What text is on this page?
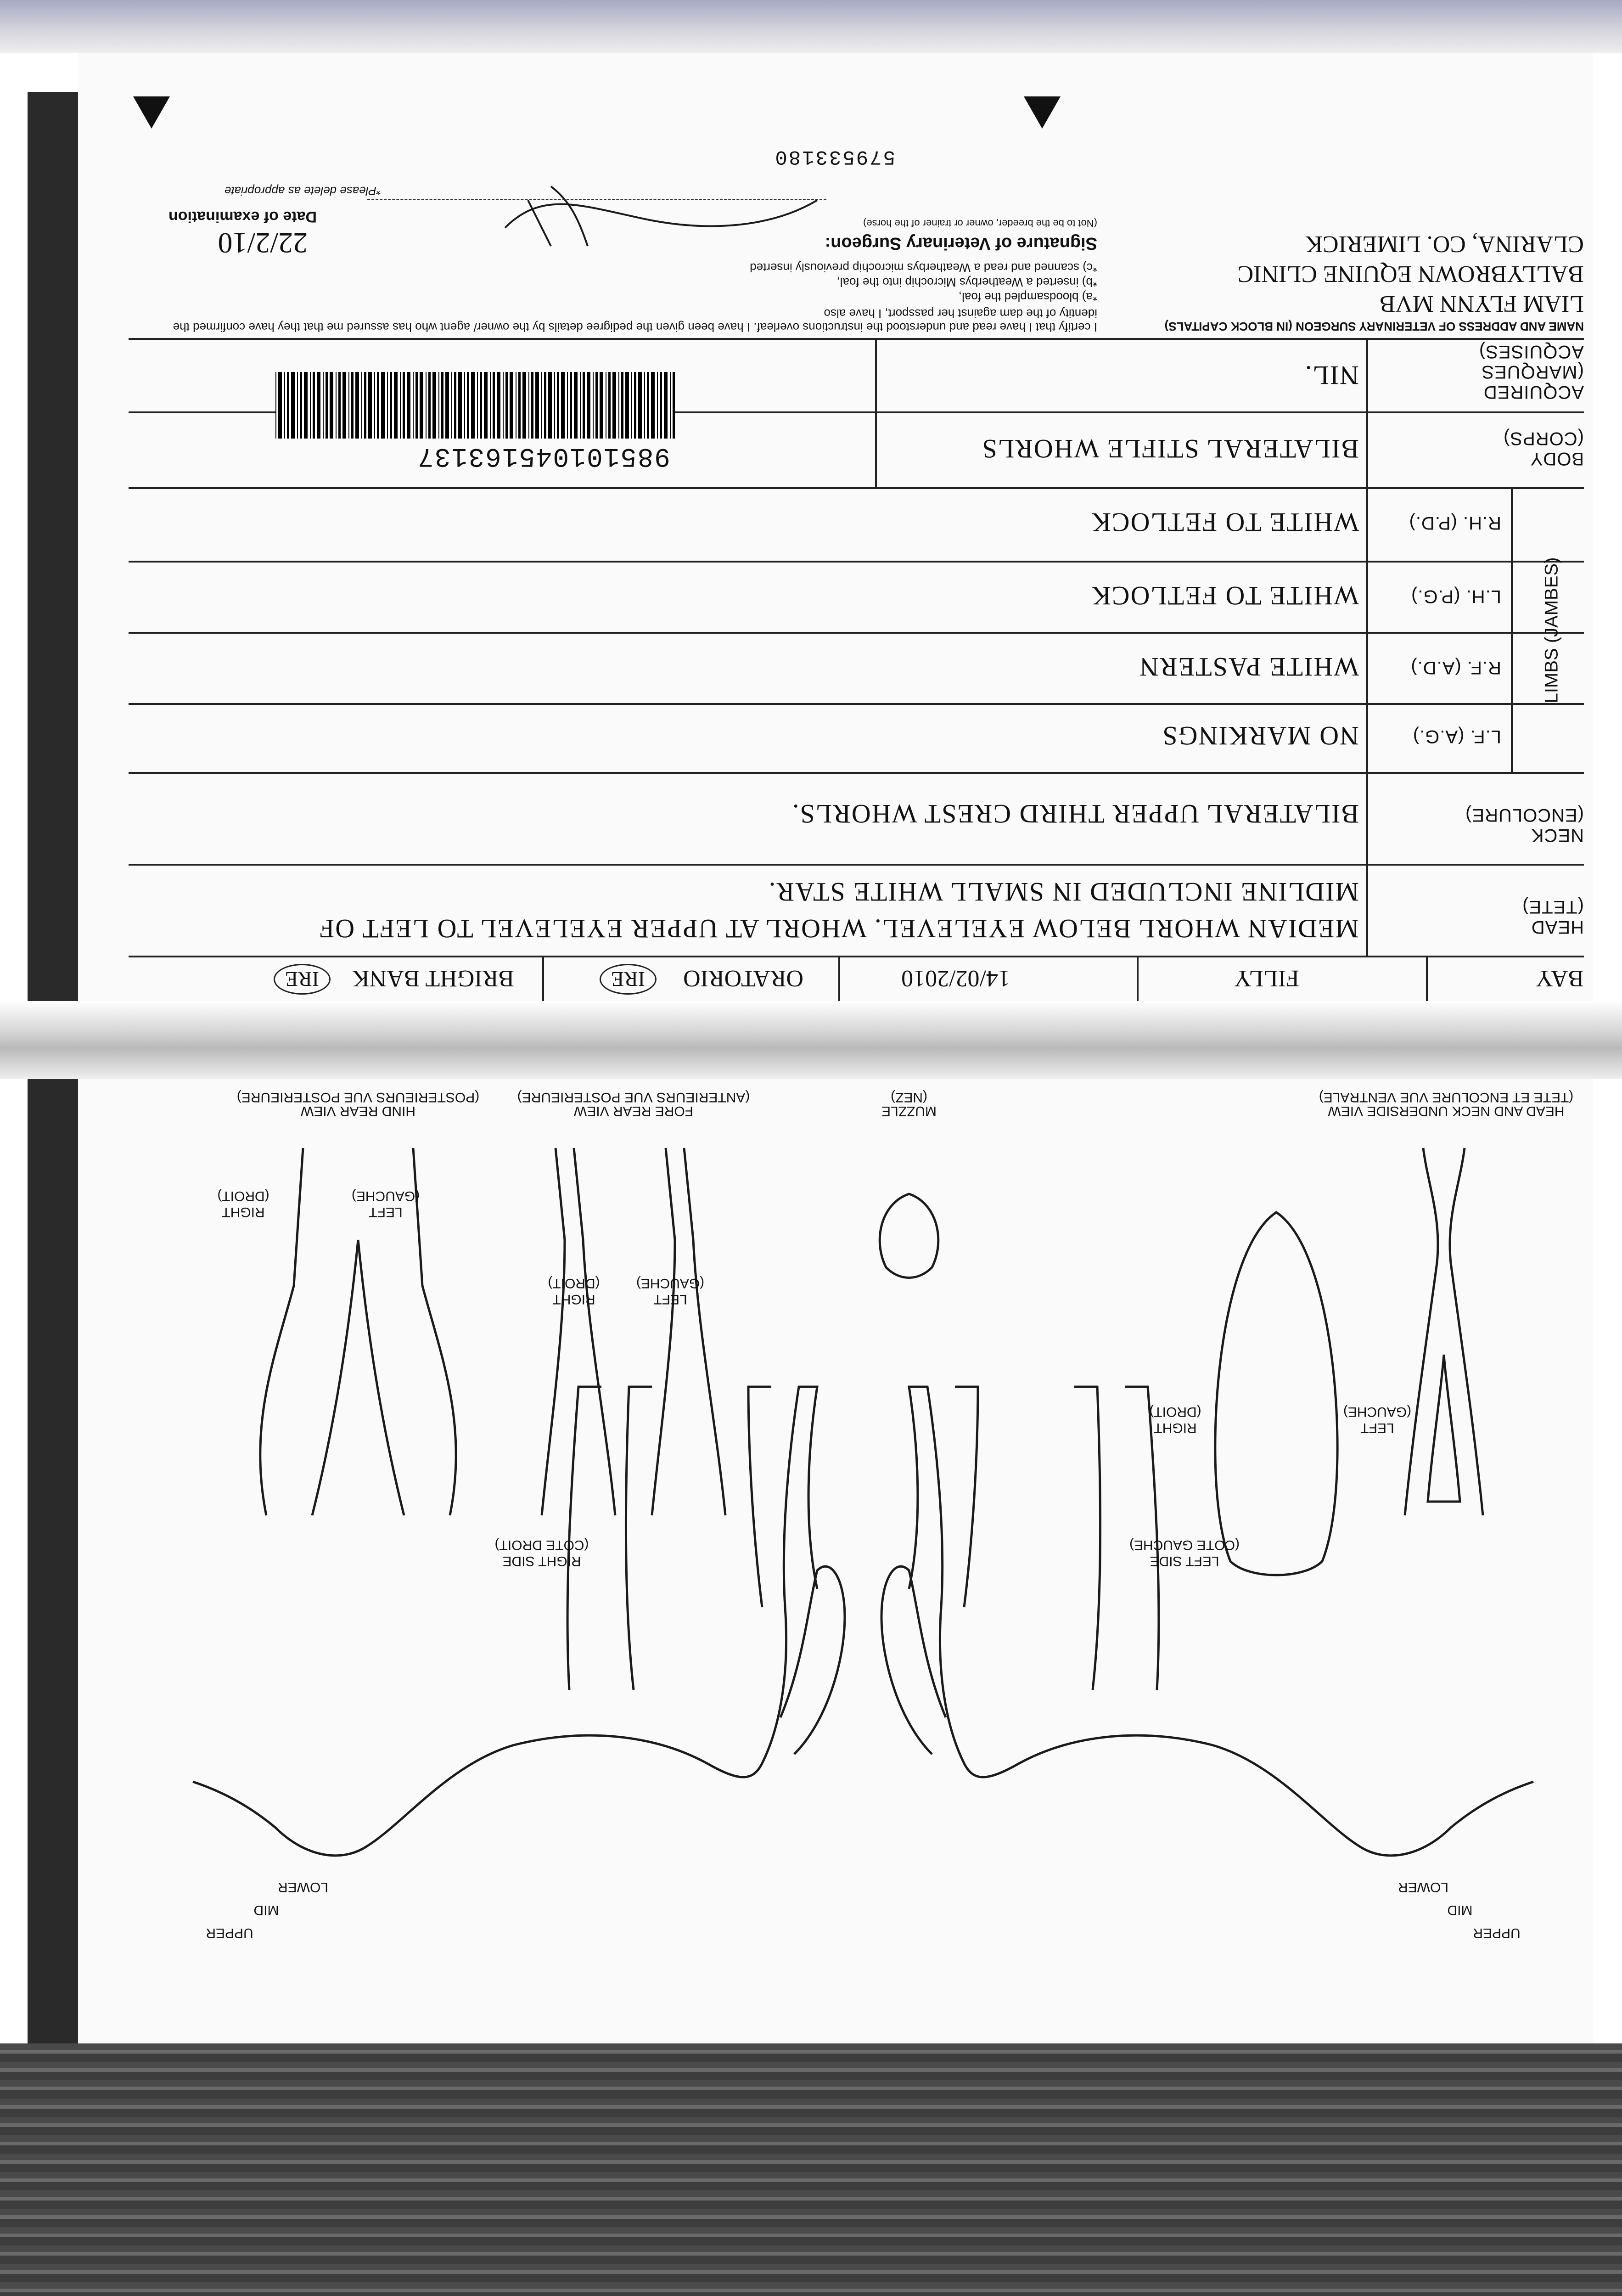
BAY
FILLY
14/02/2010
ORATORIO
IRE
BRIGHT BANK
IRE
HEAD (TETE)
MEDIAN WHORL BELOW EYELEVEL. WHORL AT UPPER EYELEVEL TO LEFT OF
MIDLINE INCLUDED IN SMALL WHITE STAR.
NECK (ENCOLURE)
BILATERAL UPPER THIRD CREST WHORLS.
L.F. (A.G.)
NO MARKINGS
R.F. (A.D.)
WHITE PASTERN
L.H. (P.G.)
WHITE TO FETLOCK
R.H. (P.D.)
WHITE TO FETLOCK
LIMBS (JAMBES)
BODY (CORPS)
BILATERAL STIFLE WHORLS
ACQUIRED (MARQUES ACQUISES)
NIL.
985101045163137
NAME AND ADDRESS OF VETERINARY SURGEON (IN BLOCK CAPITALS)
LIAM FLYNN MVB
BALLYBROWN EQUINE CLINIC
CLARINA, CO. LIMERICK
I certify that I have read and understood the instructions overleaf. I have been given the pedigree details by the owner/ agent who has assured me that they have confirmed the identity of the dam against her passport, I have also
*a) bloodsampled the foal,
*b) inserted a Weatherbys Microchip into the foal,
*c) scanned and read a Weatherbys microchip previously inserted
Signature of Veterinary Surgeon:
(Not to be the breeder, owner or trainer of the horse)
*Please delete as appropriate
22/2/10
Date of examination
579533180
LEFT SIDE
(COTE GAUCHE)
RIGHT SIDE
(COTE DROIT)
HEAD AND NECK UNDERSIDE VIEW
(TETE ET ENCOLURE VUE VENTRALE)
MUZZLE
(NEZ)
FORE REAR VIEW
(ANTERIEURS VUE POSTERIEURE)
HIND REAR VIEW
(POSTERIEURS VUE POSTERIEURE)
LEFT
(GAUCHE)
RIGHT
(DROIT)
LEFT
(GAUCHE)
RIGHT
(DROIT)
LEFT
(GAUCHE)
RIGHT
(DROIT)
UPPER
MID
LOWER
UPPER
MID
LOWER
